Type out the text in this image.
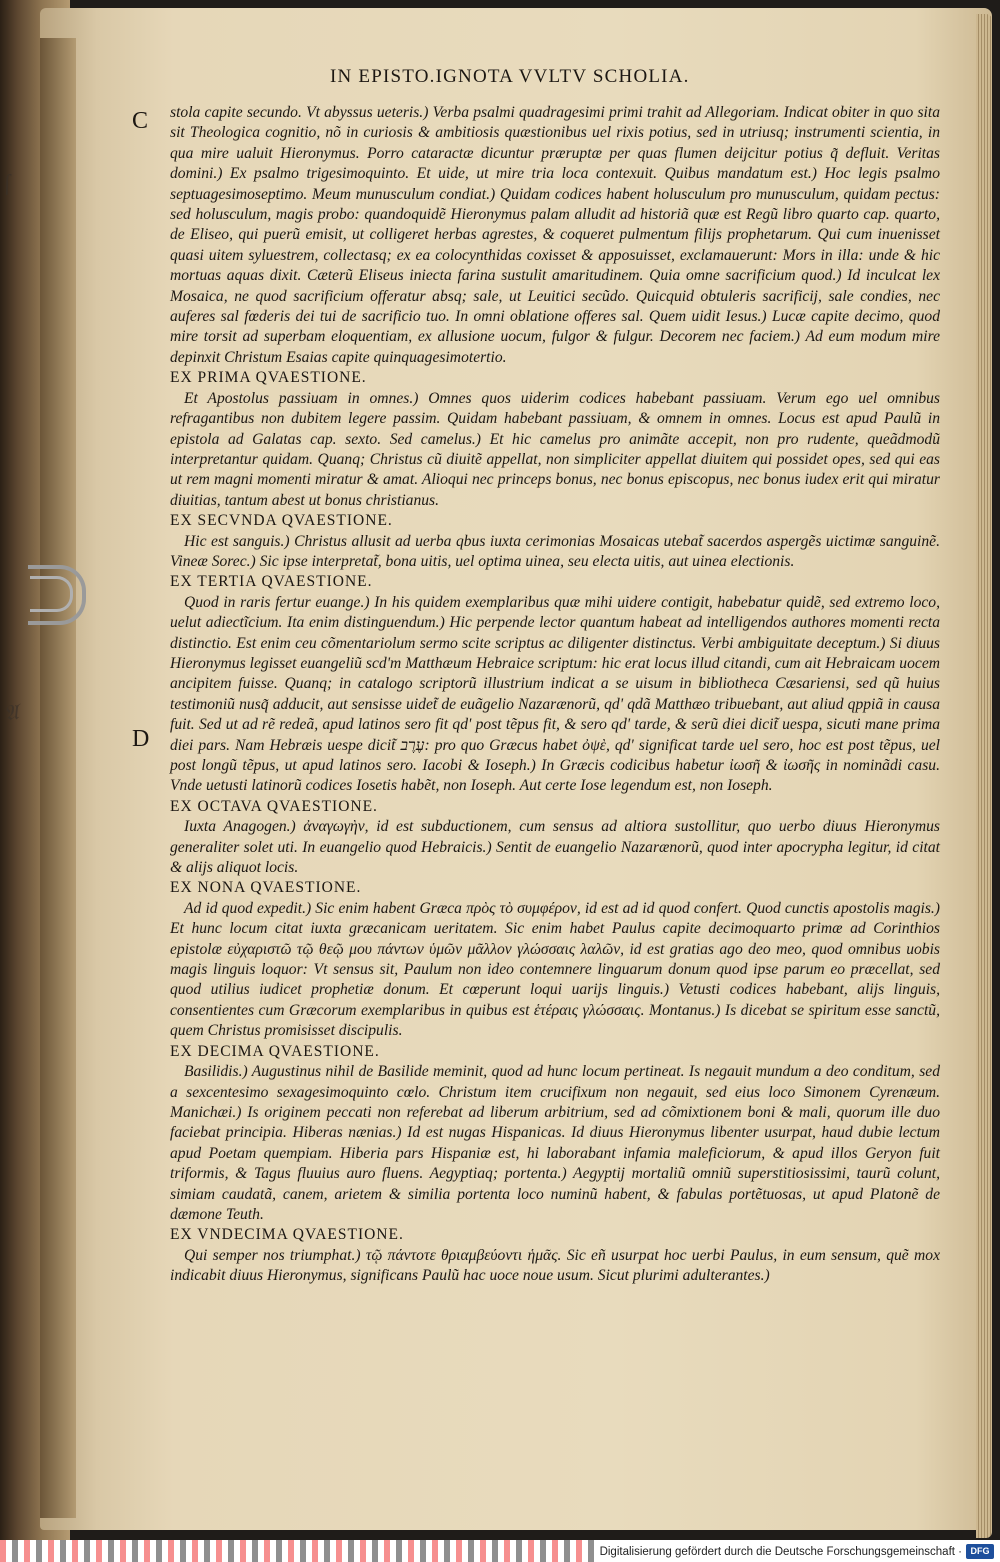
ſ
𝔄
IN EPISTO.IGNOTA VVLTV SCHOLIA.
C
D

stola capite secundo. Vt abyssus ueteris.) Verba psalmi quadragesimi primi trahit ad Allegoriam. Indicat obiter in quo sita sit Theologica cognitio, nõ in curiosis & ambitiosis quæstionibus uel rixis potius, sed in utriusq; instrumenti scientia, in qua mire ualuit Hieronymus. Porro cataractæ dicuntur præruptæ per quas flumen deijcitur potius q̃ defluit. Veritas domini.) Ex psalmo trigesimoquinto. Et uide, ut mire tria loca contexuit. Quibus mandatum est.) Hoc legis psalmo septuagesimoseptimo. Meum munusculum condiat.) Quidam codices habent holusculum pro munusculum, quidam pectus: sed holusculum, magis probo: quandoquidẽ Hieronymus palam alludit ad historiã quæ est Regũ libro quarto cap. quarto, de Eliseo, qui puerũ emisit, ut colligeret herbas agrestes, & coqueret pulmentum filijs prophetarum. Qui cum inuenisset quasi uitem syluestrem, collectasq; ex ea colocynthidas coxisset & apposuisset, exclamauerunt: Mors in illa: unde & hic mortuas aquas dixit. Cæterũ Eliseus iniecta farina sustulit amaritudinem. Quia omne sacrificium quod.) Id inculcat lex Mosaica, ne quod sacrificium offeratur absq; sale, ut Leuitici secũdo. Quicquid obtuleris sacrificij, sale condies, nec auferes sal fœderis dei tui de sacrificio tuo. In omni oblatione offeres sal. Quem uidit Iesus.) Lucæ capite decimo, quod mire torsit ad superbam eloquentiam, ex allusione uocum, fulgor & fulgur. Decorem nec faciem.) Ad eum modum mire depinxit Christum Esaias capite quinquagesimotertio.

EX PRIMA QVAESTIONE.

Et Apostolus passiuam in omnes.) Omnes quos uiderim codices habebant passiuam. Verum ego uel omnibus refragantibus non dubitem legere passim. Quidam habebant passiuam, & omnem in omnes. Locus est apud Paulũ in epistola ad Galatas cap. sexto. Sed camelus.) Et hic camelus pro animãte accepit, non pro rudente, queãdmodũ interpretantur quidam. Quanq; Christus cũ diuitẽ appellat, non simpliciter appellat diuitem qui possidet opes, sed qui eas ut rem magni momenti miratur & amat. Alioqui nec princeps bonus, nec bonus episcopus, nec bonus iudex erit qui miratur diuitias, tantum abest ut bonus christianus.

EX SECVNDA QVAESTIONE.

Hic est sanguis.) Christus allusit ad uerba qbus iuxta cerimonias Mosaicas utebat̃ sacerdos aspergẽs uictimæ sanguinẽ. Vineæ Sorec.) Sic ipse interpretat̃, bona uitis, uel optima uinea, seu electa uitis, aut uinea electionis.

EX TERTIA QVAESTIONE.

Quod in raris fertur euange.) In his quidem exemplaribus quæ mihi uidere contigit, habebatur quidẽ, sed extremo loco, uelut adiectĩcium. Ita enim distinguendum.) Hic perpende lector quantum habeat ad intelligendos authores momenti recta distinctio. Est enim ceu cõmentariolum sermo scite scriptus ac diligenter distinctus. Verbi ambiguitate deceptum.) Si diuus Hieronymus legisset euangeliũ scd'm Matthæum Hebraice scriptum: hic erat locus illud citandi, cum ait Hebraicam uocem ancipitem fuisse. Quanq; in catalogo scriptorũ illustrium indicat a se uisum in bibliotheca Cæsariensi, sed qũ huius testimoniũ nusq̃ adducit, aut sensisse uidet̃ de euãgelio Nazarænorũ, qd' qdã Matthæo tribuebant, aut aliud qppiã in causa fuit. Sed ut ad rẽ redeã, apud latinos sero fit qd' post tẽpus fit, & sero qd' tarde, & serũ diei dicit̃ uespa, sicuti mane prima diei pars. Nam Hebræis uespe dicit̃ עֶרֶב: pro quo Græcus habet ὀψὲ, qd' significat tarde uel sero, hoc est post tẽpus, uel post longũ tẽpus, ut apud latinos sero. Iacobi & Ioseph.) In Græcis codicibus habetur ἰωσῆ & ἰωσῆς in nominãdi casu. Vnde uetusti latinorũ codices Iosetis habẽt, non Ioseph. Aut certe Iose legendum est, non Ioseph.

EX OCTAVA QVAESTIONE.

Iuxta Anagogen.) ἀναγωγὴν, id est subductionem, cum sensus ad altiora sustollitur, quo uerbo diuus Hieronymus generaliter solet uti. In euangelio quod Hebraicis.) Sentit de euangelio Nazarænorũ, quod inter apocrypha legitur, id citat & alijs aliquot locis.

EX NONA QVAESTIONE.

Ad id quod expedit.) Sic enim habent Græca πρὸς τὸ συμφέρον, id est ad id quod confert. Quod cunctis apostolis magis.) Et hunc locum citat iuxta græcanicam ueritatem. Sic enim habet Paulus capite decimoquarto primæ ad Corinthios epistolæ εὐχαριστῶ τῷ θεῷ μου πάντων ὑμῶν μᾶλλον γλώσσαις λαλῶν, id est gratias ago deo meo, quod omnibus uobis magis linguis loquor: Vt sensus sit, Paulum non ideo contemnere linguarum donum quod ipse parum eo præcellat, sed quod utilius iudicet prophetiæ donum. Et cœperunt loqui uarijs linguis.) Vetusti codices habebant, alijs linguis, consentientes cum Græcorum exemplaribus in quibus est ἑτέραις γλώσσαις. Montanus.) Is dicebat se spiritum esse sanctũ, quem Christus promisisset discipulis.

EX DECIMA QVAESTIONE.

Basilidis.) Augustinus nihil de Basilide meminit, quod ad hunc locum pertineat. Is negauit mundum a deo conditum, sed a sexcentesimo sexagesimoquinto cœlo. Christum item crucifixum non negauit, sed eius loco Simonem Cyrenæum. Manichæi.) Is originem peccati non referebat ad liberum arbitrium, sed ad cõmixtionem boni & mali, quorum ille duo faciebat principia. Hiberas nænias.) Id est nugas Hispanicas. Id diuus Hieronymus libenter usurpat, haud dubie lectum apud Poetam quempiam. Hiberia pars Hispaniæ est, hi laborabant infamia maleficiorum, & apud illos Geryon fuit triformis, & Tagus fluuius auro fluens. Aegyptiaq; portenta.) Aegyptij mortaliũ omniũ superstitiosissimi, taurũ colunt, simiam caudatã, canem, arietem & similia portenta loco numinũ habent, & fabulas portẽtuosas, ut apud Platonẽ de dæmone Teuth.

EX VNDECIMA QVAESTIONE.

Qui semper nos triumphat.) τῷ πάντοτε θριαμβεύοντι ἡμᾶς. Sic eñ usurpat hoc uerbi Paulus, in eum sensum, quẽ mox indicabit diuus Hieronymus, significans Paulũ hac uoce noue usum. Sicut plurimi adulterantes.)

Digitalisierung gefördert durch die Deutsche Forschungsgemeinschaft · DFG
